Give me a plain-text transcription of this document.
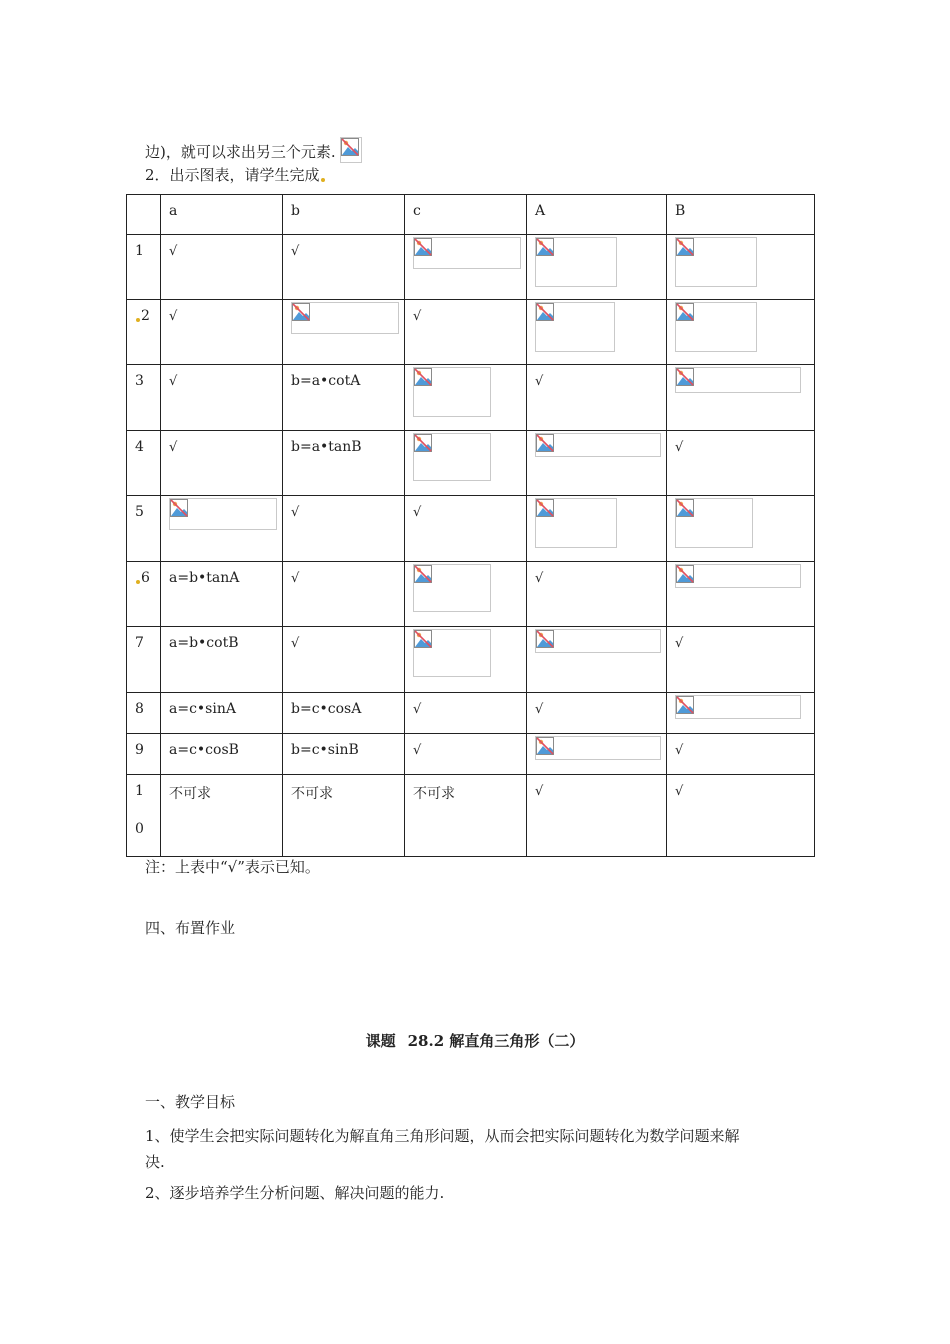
边)，就可以求出另三个元素.
2．出示图表，请学生完成
	a	b	c	A	B
1	√	√	

2	√		√	

3	√	b=a•cotA		√	

4	√	b=a•tanB			√
5		√	√	

6	a=b•tanA	√		√	

7	a=b•cotB	√			√
8	a=c•sinA	b=c•cosA	√	√	

9	a=c•cosB	b=c•sinB	√		√

1
0	不可求	不可求	不可求	√	√
注：上表中“√”表示已知。
四、布置作业
课题 28.2 解直角三角形（二）
一、教学目标
1、使学生会把实际问题转化为解直角三角形问题，从而会把实际问题转化为数学问题来解
决.
2、逐步培养学生分析问题、解决问题的能力.
